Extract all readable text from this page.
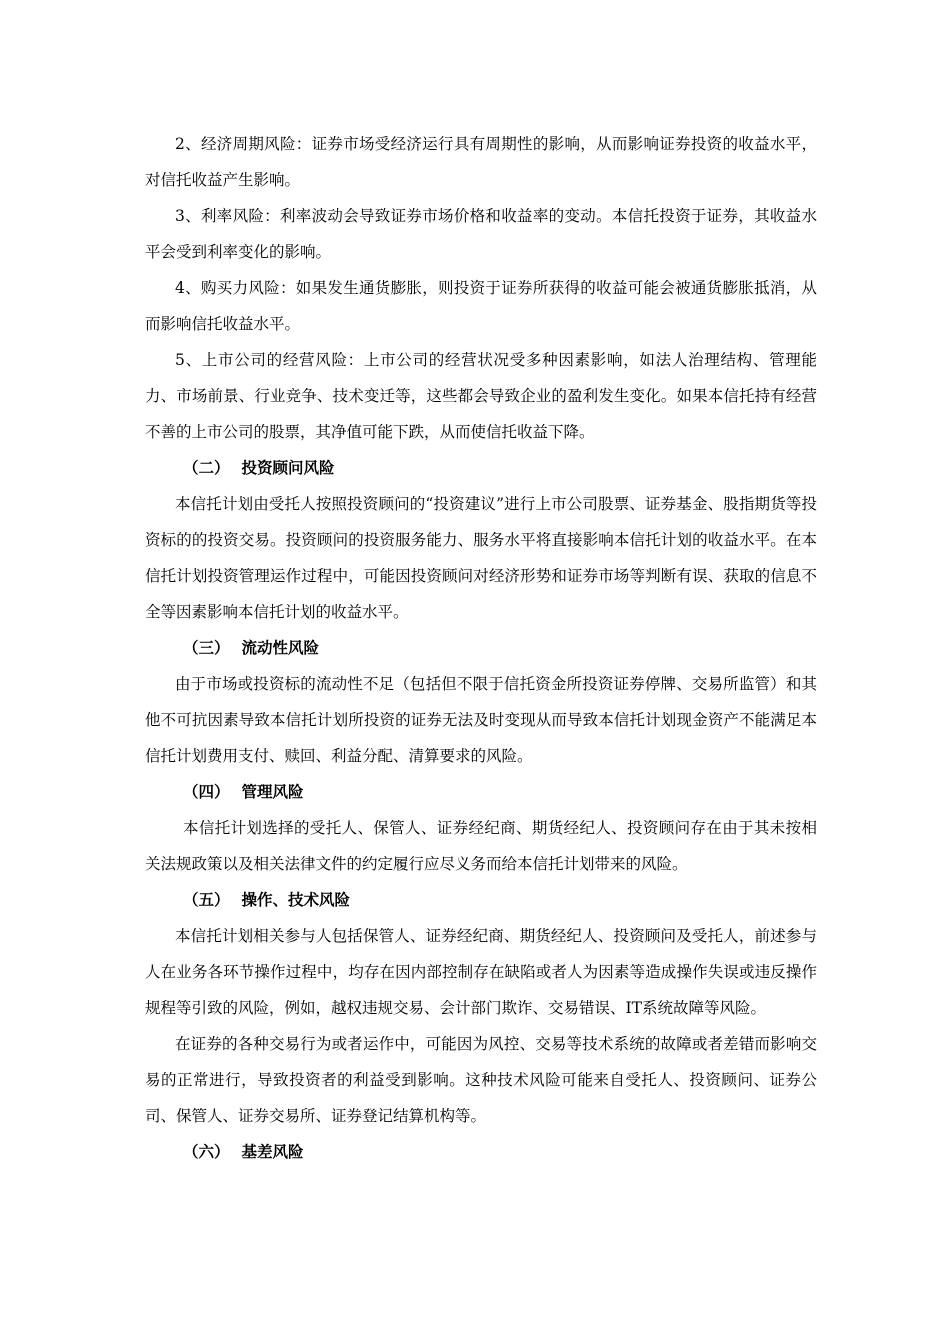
2、经济周期风险：证券市场受经济运行具有周期性的影响，从而影响证券投资的收益水平，对信托收益产生影响。

3、利率风险：利率波动会导致证券市场价格和收益率的变动。本信托投资于证券，其收益水平会受到利率变化的影响。

4、购买力风险：如果发生通货膨胀，则投资于证券所获得的收益可能会被通货膨胀抵消，从而影响信托收益水平。

5、上市公司的经营风险：上市公司的经营状况受多种因素影响，如法人治理结构、管理能力、市场前景、行业竞争、技术变迁等，这些都会导致企业的盈利发生变化。如果本信托持有经营不善的上市公司的股票，其净值可能下跌，从而使信托收益下降。

（二） 投资顾问风险

本信托计划由受托人按照投资顾问的“投资建议”进行上市公司股票、证券基金、股指期货等投资标的的投资交易。投资顾问的投资服务能力、服务水平将直接影响本信托计划的收益水平。在本信托计划投资管理运作过程中，可能因投资顾问对经济形势和证券市场等判断有误、获取的信息不全等因素影响本信托计划的收益水平。

（三） 流动性风险

由于市场或投资标的流动性不足（包括但不限于信托资金所投资证券停牌、交易所监管）和其他不可抗因素导致本信托计划所投资的证券无法及时变现从而导致本信托计划现金资产不能满足本信托计划费用支付、赎回、利益分配、清算要求的风险。

（四） 管理风险

本信托计划选择的受托人、保管人、证券经纪商、期货经纪人、投资顾问存在由于其未按相关法规政策以及相关法律文件的约定履行应尽义务而给本信托计划带来的风险。

（五） 操作、技术风险

本信托计划相关参与人包括保管人、证券经纪商、期货经纪人、投资顾问及受托人，前述参与人在业务各环节操作过程中，均存在因内部控制存在缺陷或者人为因素等造成操作失误或违反操作规程等引致的风险，例如，越权违规交易、会计部门欺诈、交易错误、IT系统故障等风险。

在证券的各种交易行为或者运作中，可能因为风控、交易等技术系统的故障或者差错而影响交易的正常进行，导致投资者的利益受到影响。这种技术风险可能来自受托人、投资顾问、证券公司、保管人、证券交易所、证券登记结算机构等。

（六） 基差风险
